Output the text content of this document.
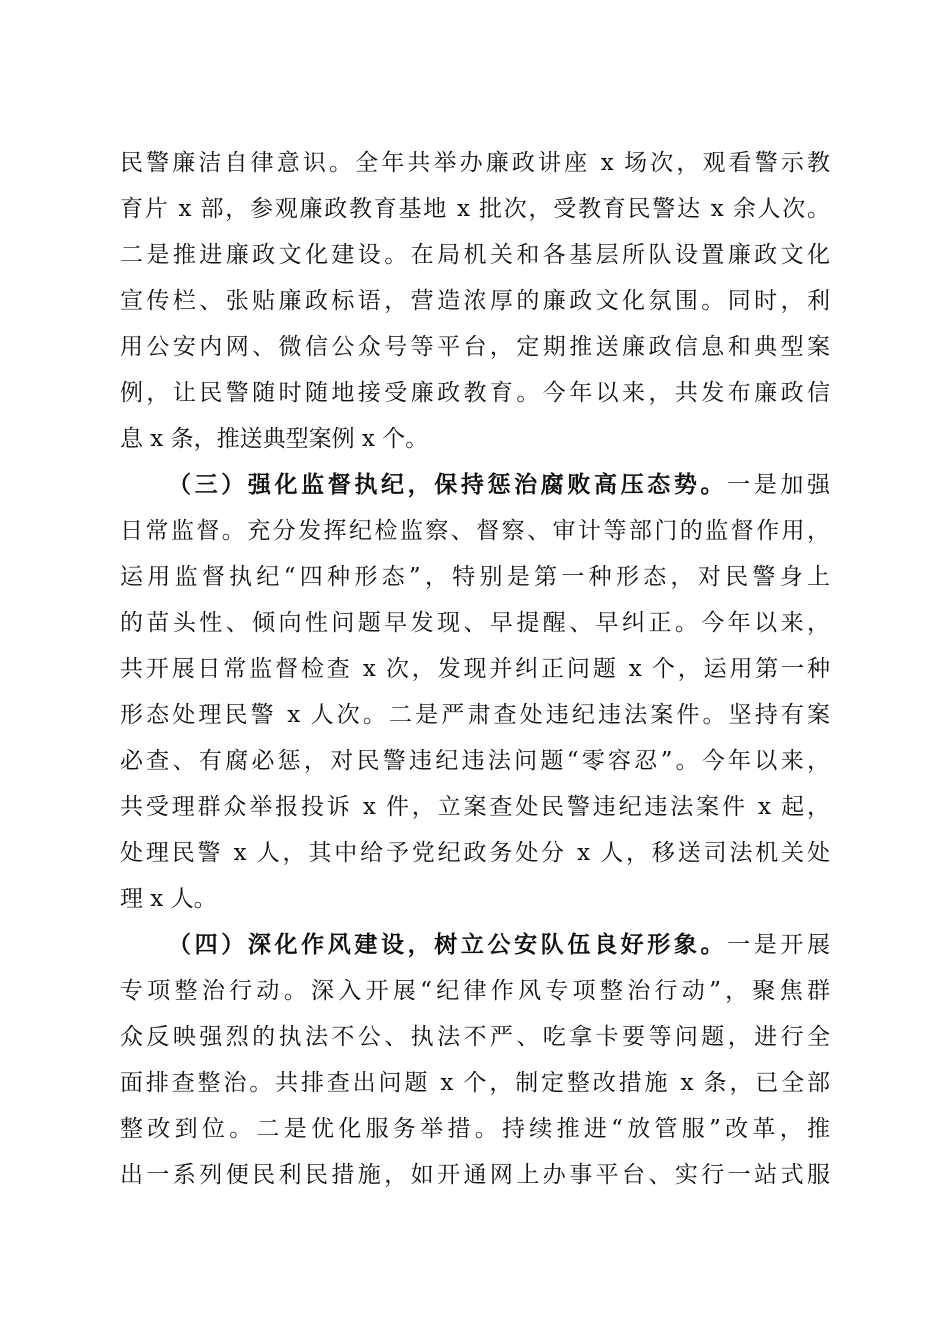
民警廉洁自律意识。全年共举办廉政讲座 x 场次，观看警示教
育片 x 部，参观廉政教育基地 x 批次，受教育民警达 x 余人次。
二是推进廉政文化建设。在局机关和各基层所队设置廉政文化
宣传栏、张贴廉政标语，营造浓厚的廉政文化氛围。同时，利
用公安内网、微信公众号等平台，定期推送廉政信息和典型案
例，让民警随时随地接受廉政教育。今年以来，共发布廉政信
息 x 条，推送典型案例 x 个。
（三）强化监督执纪，保持惩治腐败高压态势。一是加强
日常监督。充分发挥纪检监察、督察、审计等部门的监督作用，
运用监督执纪“四种形态”，特别是第一种形态，对民警身上
的苗头性、倾向性问题早发现、早提醒、早纠正。今年以来，
共开展日常监督检查 x 次，发现并纠正问题 x 个，运用第一种
形态处理民警 x 人次。二是严肃查处违纪违法案件。坚持有案
必查、有腐必惩，对民警违纪违法问题“零容忍”。今年以来，
共受理群众举报投诉 x 件，立案查处民警违纪违法案件 x 起，
处理民警 x 人，其中给予党纪政务处分 x 人，移送司法机关处
理 x 人。
（四）深化作风建设，树立公安队伍良好形象。一是开展
专项整治行动。深入开展“纪律作风专项整治行动”，聚焦群
众反映强烈的执法不公、执法不严、吃拿卡要等问题，进行全
面排查整治。共排查出问题 x 个，制定整改措施 x 条，已全部
整改到位。二是优化服务举措。持续推进“放管服”改革，推
出一系列便民利民措施，如开通网上办事平台、实行一站式服
